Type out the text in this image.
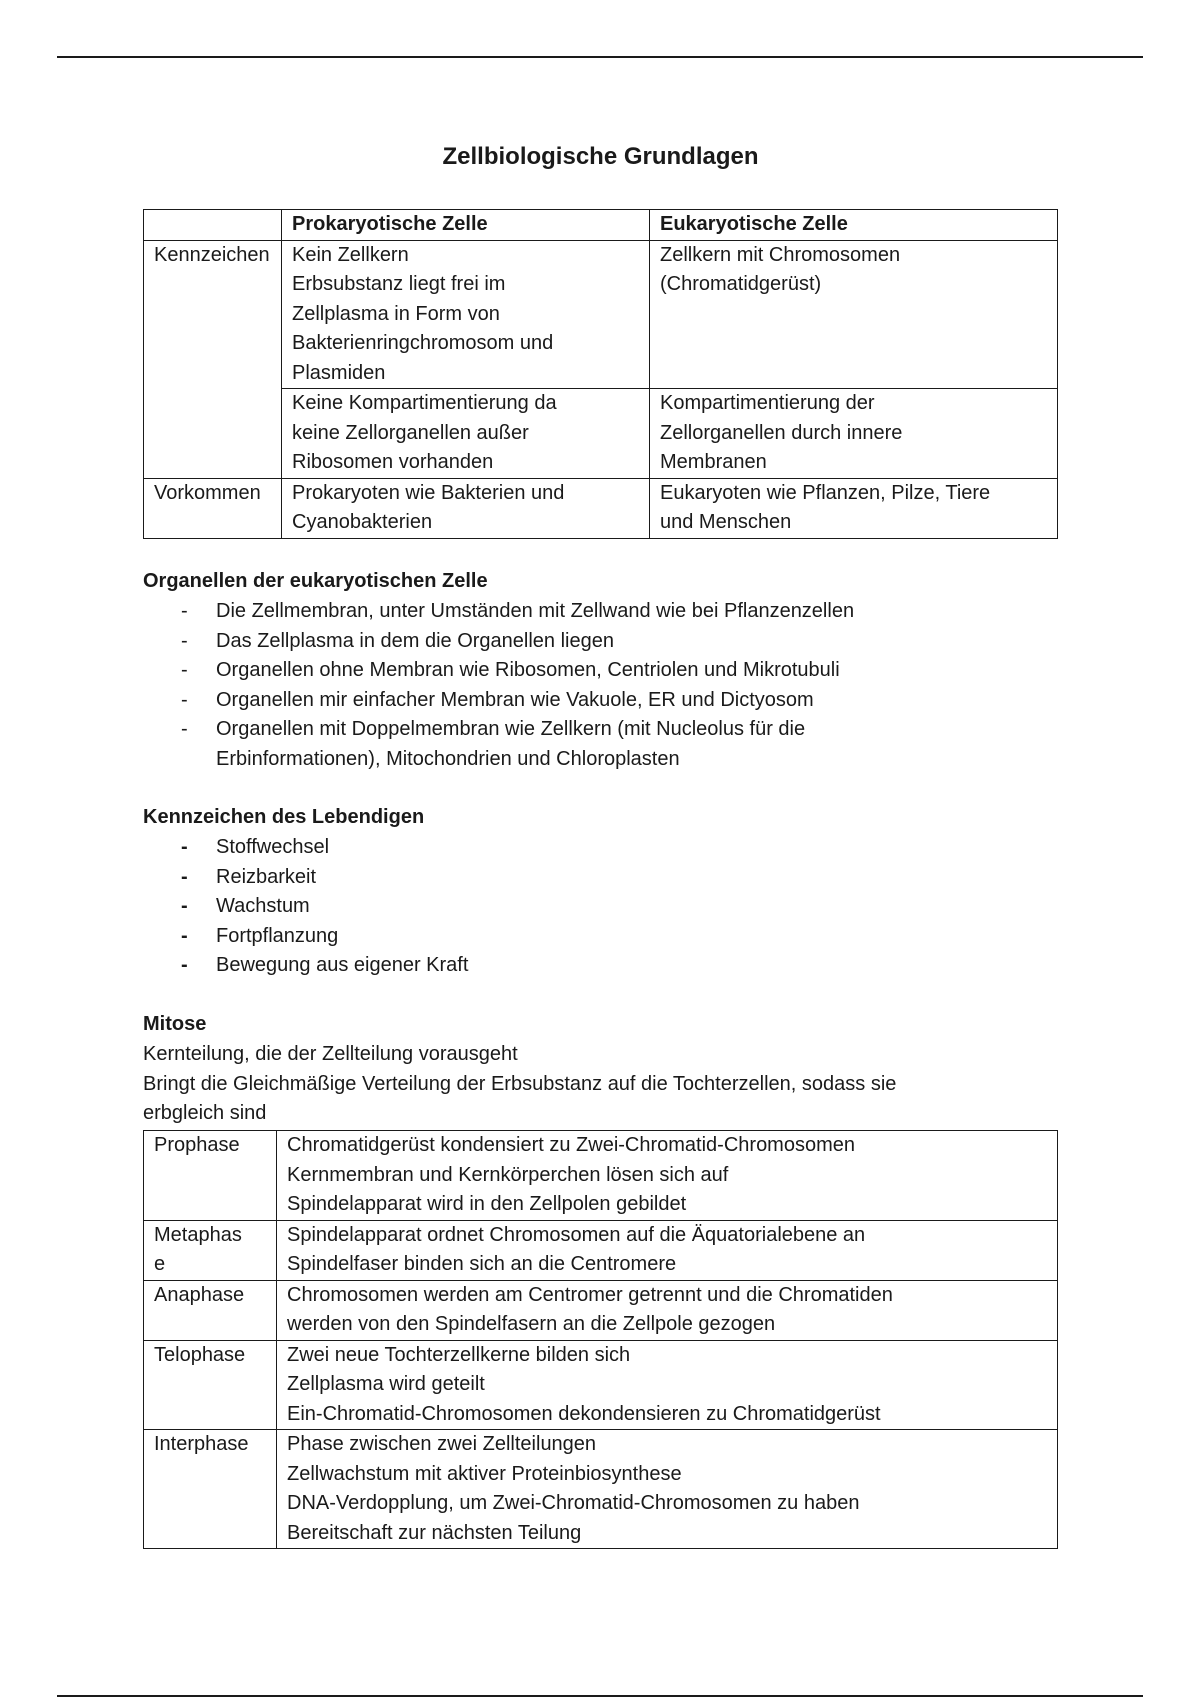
Zellbiologische Grundlagen
	Prokaryotische Zelle	Eukaryotische Zelle
Kennzeichen	Kein Zellkern
Erbsubstanz liegt frei im
Zellplasma in Form von
Bakterienringchromosom und
Plasmiden	Zellkern mit Chromosomen
(Chromatidgerüst)

	Keine Kompartimentierung da
keine Zellorganellen außer
Ribosomen vorhanden	Kompartimentierung der
Zellorganellen durch innere
Membranen

Vorkommen	Prokaryoten wie Bakterien und
Cyanobakterien	Eukaryoten wie Pflanzen, Pilze, Tiere
und Menschen
Organellen der eukaryotischen Zelle
- Die Zellmembran, unter Umständen mit Zellwand wie bei Pflanzenzellen
- Das Zellplasma in dem die Organellen liegen
- Organellen ohne Membran wie Ribosomen, Centriolen und Mikrotubuli
- Organellen mir einfacher Membran wie Vakuole, ER und Dictyosom
- Organellen mit Doppelmembran wie Zellkern (mit Nucleolus für die
Erbinformationen), Mitochondrien und Chloroplasten
Kennzeichen des Lebendigen
- Stoffwechsel
- Reizbarkeit
- Wachstum
- Fortpflanzung
- Bewegung aus eigener Kraft
Mitose
Kernteilung, die der Zellteilung vorausgeht
Bringt die Gleichmäßige Verteilung der Erbsubstanz auf die Tochterzellen, sodass sie
erbgleich sind
Prophase	Chromatidgerüst kondensiert zu Zwei-Chromatid-Chromosomen
Kernmembran und Kernkörperchen lösen sich auf
Spindelapparat wird in den Zellpolen gebildet

Metaphas
e	Spindelapparat ordnet Chromosomen auf die Äquatorialebene an
Spindelfaser binden sich an die Centromere

Anaphase	Chromosomen werden am Centromer getrennt und die Chromatiden
werden von den Spindelfasern an die Zellpole gezogen

Telophase	Zwei neue Tochterzellkerne bilden sich
Zellplasma wird geteilt
Ein-Chromatid-Chromosomen dekondensieren zu Chromatidgerüst

Interphase	Phase zwischen zwei Zellteilungen
Zellwachstum mit aktiver Proteinbiosynthese
DNA-Verdopplung, um Zwei-Chromatid-Chromosomen zu haben
Bereitschaft zur nächsten Teilung
